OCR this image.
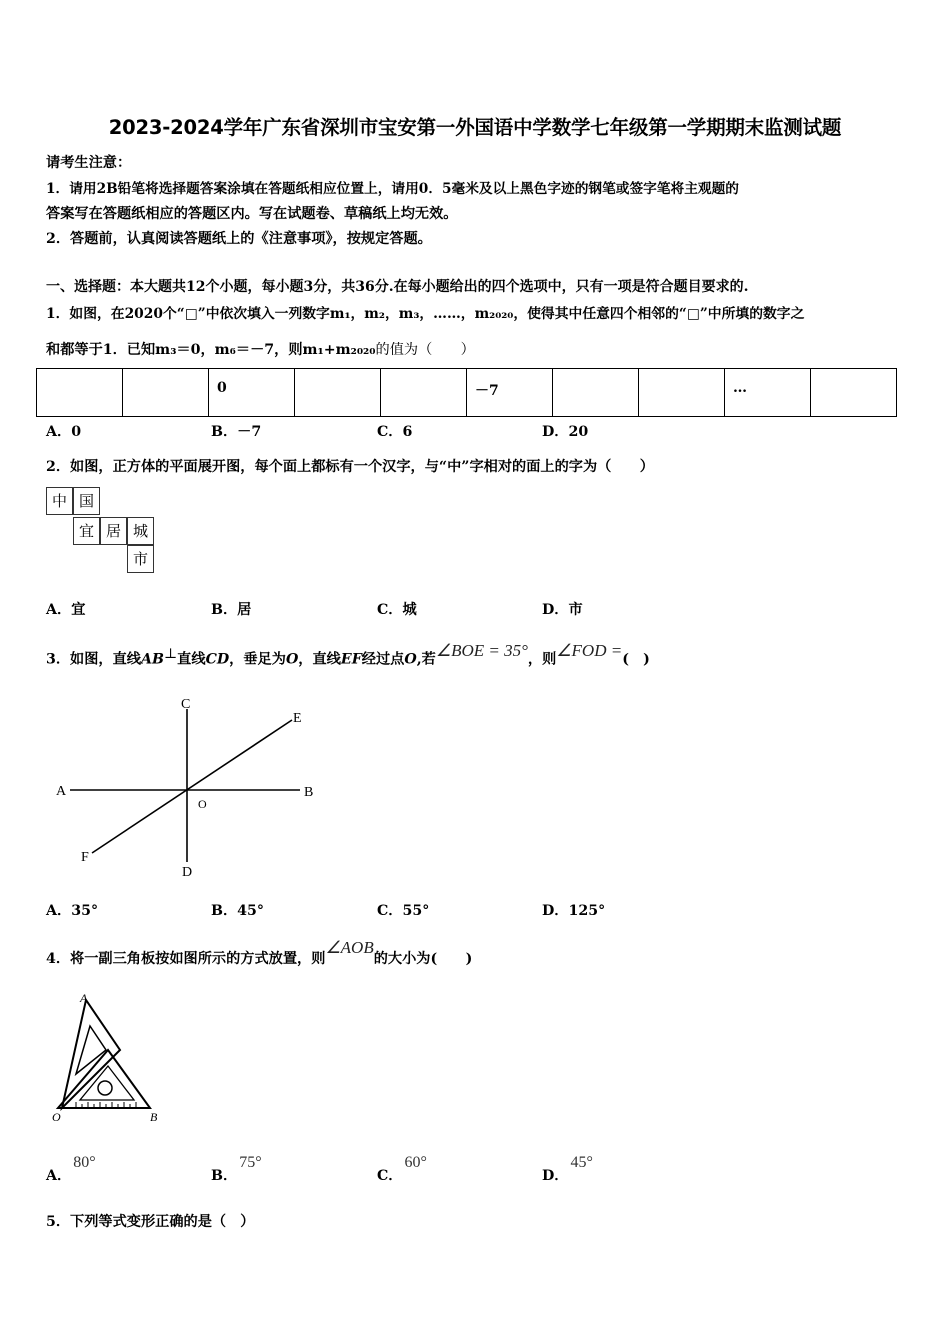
2023-2024学年广东省深圳市宝安第一外国语中学数学七年级第一学期期末监测试题
请考生注意：
1．请用2B铅笔将选择题答案涂填在答题纸相应位置上，请用0．5毫米及以上黑色字迹的钢笔或签字笔将主观题的
答案写在答题纸相应的答题区内。写在试题卷、草稿纸上均无效。
2．答题前，认真阅读答题纸上的《注意事项》，按规定答题。
一、选择题：本大题共12个小题，每小题3分，共36分.在每小题给出的四个选项中，只有一项是符合题目要求的.
1．如图，在2020个“□”中依次填入一列数字m₁，m₂，m₃，……，m₂₀₂₀，使得其中任意四个相邻的“□”中所填的数字之
和都等于1．已知m₃＝0，m₆＝－7，则m₁+m₂₀₂₀的值为（　　）
		0			－7			…	
A．0	B．－7	C．6	D．20
2．如图，正方体的平面展开图，每个面上都标有一个汉字，与“中”字相对的面上的字为（　　）
中 国
宜 居 城
市
A．宜	B．居	C．城	D．市
3．如图，直线AB⊥直线CD，垂足为O，直线EF经过点O,若∠BOE = 35°，则∠FOD =(　)
A	B
C
D
E
F
O
A．35°	B．45°	C．55°	D．125°
4．将一副三角板按如图所示的方式放置，则∠AOB的大小为(　　)
A
O	B
A．80°
B．75°
C．60°
D．45°
5．下列等式变形正确的是（　）
